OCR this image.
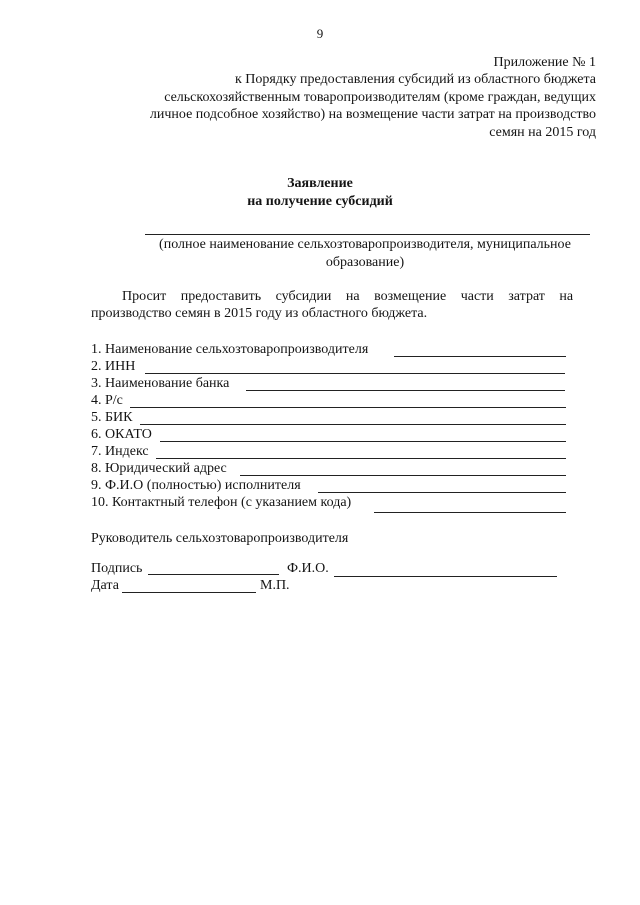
9
Приложение № 1
к Порядку предоставления субсидий из областного бюджета
сельскохозяйственным товаропроизводителям (кроме граждан, ведущих
личное подсобное хозяйство) на возмещение части затрат на производство
семян на 2015 год
Заявление
на получение субсидий
(полное наименование сельхозтоваропроизводителя, муниципальное
образование)
Просит предоставить субсидии на возмещение части затрат на
производство семян в 2015 году из областного бюджета.
1. Наименование сельхозтоваропроизводителя
2. ИНН
3. Наименование банка
4. Р/с
5. БИК
6. ОКАТО
7. Индекс
8. Юридический адрес
9. Ф.И.О (полностью) исполнителя
10. Контактный телефон (с указанием кода)
Руководитель сельхозтоваропроизводителя
Подпись	Ф.И.О.
Дата	М.П.
